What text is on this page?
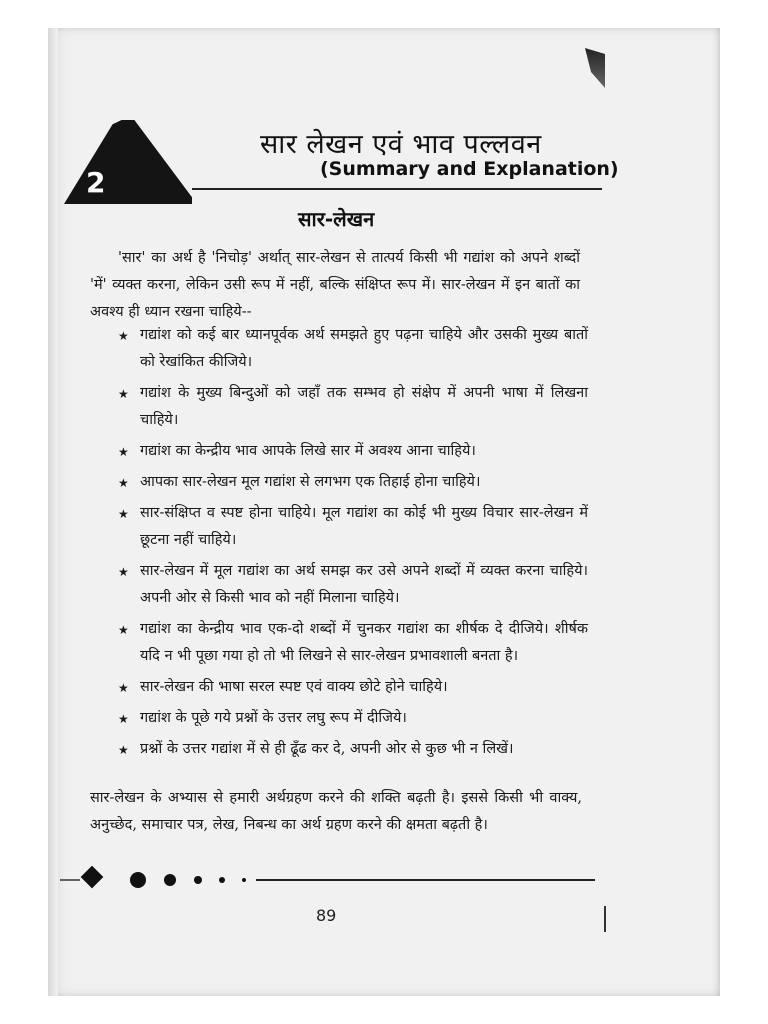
2
सार लेखन एवं भाव पल्लवन
(Summary and Explanation)
सार-लेखन

'सार' का अर्थ है 'निचोड़' अर्थात् सार-लेखन से तात्पर्य किसी भी गद्यांश को अपने शब्दों 'में' व्यक्त करना, लेकिन उसी रूप में नहीं, बल्कि संक्षिप्त रूप में। सार-लेखन में इन बातों का अवश्य ही ध्यान रखना चाहिये--

★ गद्यांश को कई बार ध्यानपूर्वक अर्थ समझते हुए पढ़ना चाहिये और उसकी मुख्य बातों को रेखांकित कीजिये।
★ गद्यांश के मुख्य बिन्दुओं को जहाँ तक सम्भव हो संक्षेप में अपनी भाषा में लिखना चाहिये।
★ गद्यांश का केन्द्रीय भाव आपके लिखे सार में अवश्य आना चाहिये।
★ आपका सार-लेखन मूल गद्यांश से लगभग एक तिहाई होना चाहिये।
★ सार-संक्षिप्त व स्पष्ट होना चाहिये। मूल गद्यांश का कोई भी मुख्य विचार सार-लेखन में छूटना नहीं चाहिये।
★ सार-लेखन में मूल गद्यांश का अर्थ समझ कर उसे अपने शब्दों में व्यक्त करना चाहिये। अपनी ओर से किसी भाव को नहीं मिलाना चाहिये।
★ गद्यांश का केन्द्रीय भाव एक-दो शब्दों में चुनकर गद्यांश का शीर्षक दे दीजिये। शीर्षक यदि न भी पूछा गया हो तो भी लिखने से सार-लेखन प्रभावशाली बनता है।
★ सार-लेखन की भाषा सरल स्पष्ट एवं वाक्य छोटे होने चाहिये।
★ गद्यांश के पूछे गये प्रश्नों के उत्तर लघु रूप में दीजिये।
★ प्रश्नों के उत्तर गद्यांश में से ही ढूँढ कर दे, अपनी ओर से कुछ भी न लिखें।

सार-लेखन के अभ्यास से हमारी अर्थग्रहण करने की शक्ति बढ़ती है। इससे किसी भी वाक्य, अनुच्छेद, समाचार पत्र, लेख, निबन्ध का अर्थ ग्रहण करने की क्षमता बढ़ती है।

89
